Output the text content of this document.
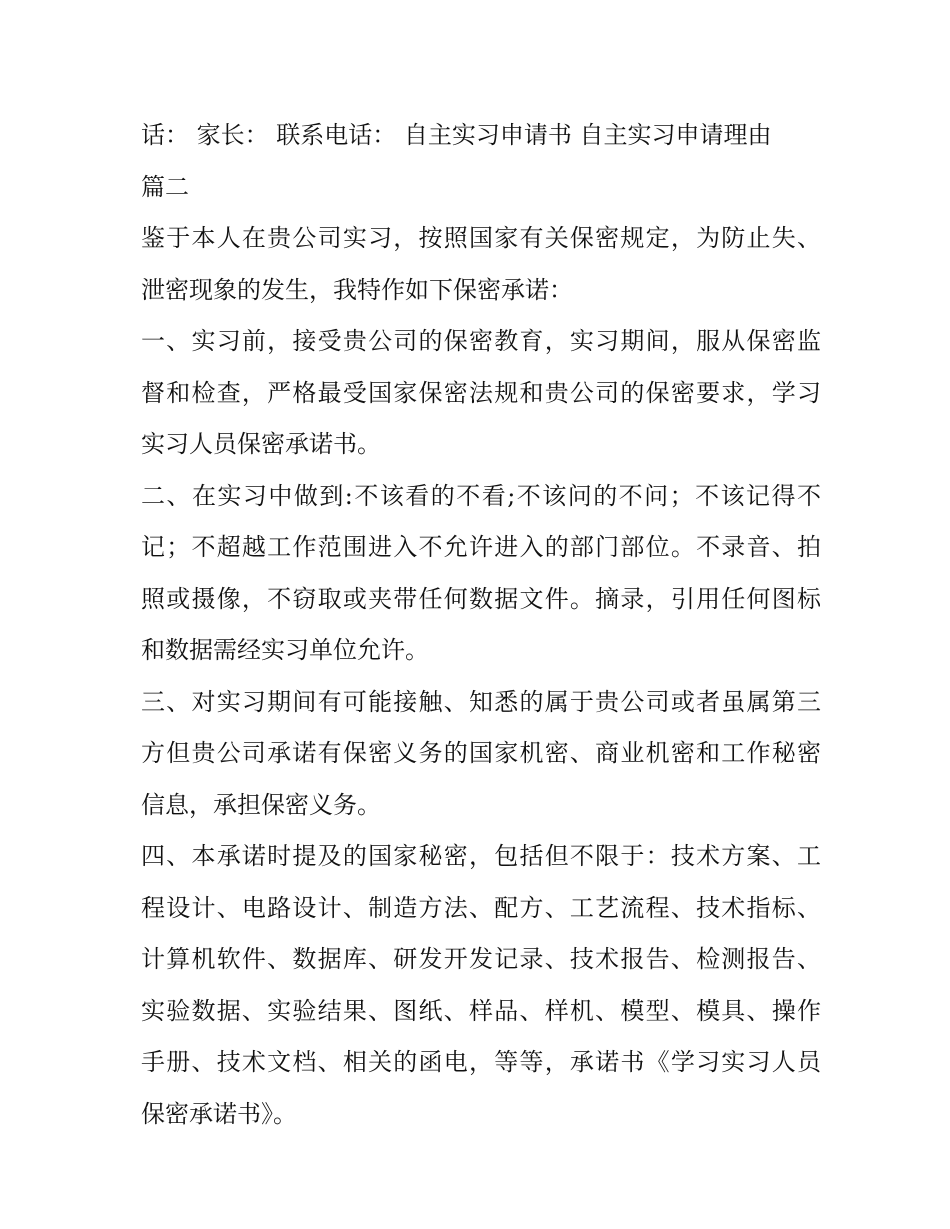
话： 家长： 联系电话： 自主实习申请书 自主实习申请理由
篇二
鉴于本人在贵公司实习，按照国家有关保密规定，为防止失、
泄密现象的发生，我特作如下保密承诺：
一、实习前，接受贵公司的保密教育，实习期间，服从保密监
督和检查，严格最受国家保密法规和贵公司的保密要求，学习
实习人员保密承诺书。
二、在实习中做到:不该看的不看;不该问的不问；不该记得不
记；不超越工作范围进入不允许进入的部门部位。不录音、拍
照或摄像，不窃取或夹带任何数据文件。摘录，引用任何图标
和数据需经实习单位允许。
三、对实习期间有可能接触、知悉的属于贵公司或者虽属第三
方但贵公司承诺有保密义务的国家机密、商业机密和工作秘密
信息，承担保密义务。
四、本承诺时提及的国家秘密，包括但不限于：技术方案、工
程设计、电路设计、制造方法、配方、工艺流程、技术指标、
计算机软件、数据库、研发开发记录、技术报告、检测报告、
实验数据、实验结果、图纸、样品、样机、模型、模具、操作
手册、技术文档、相关的函电，等等，承诺书《学习实习人员
保密承诺书》。
